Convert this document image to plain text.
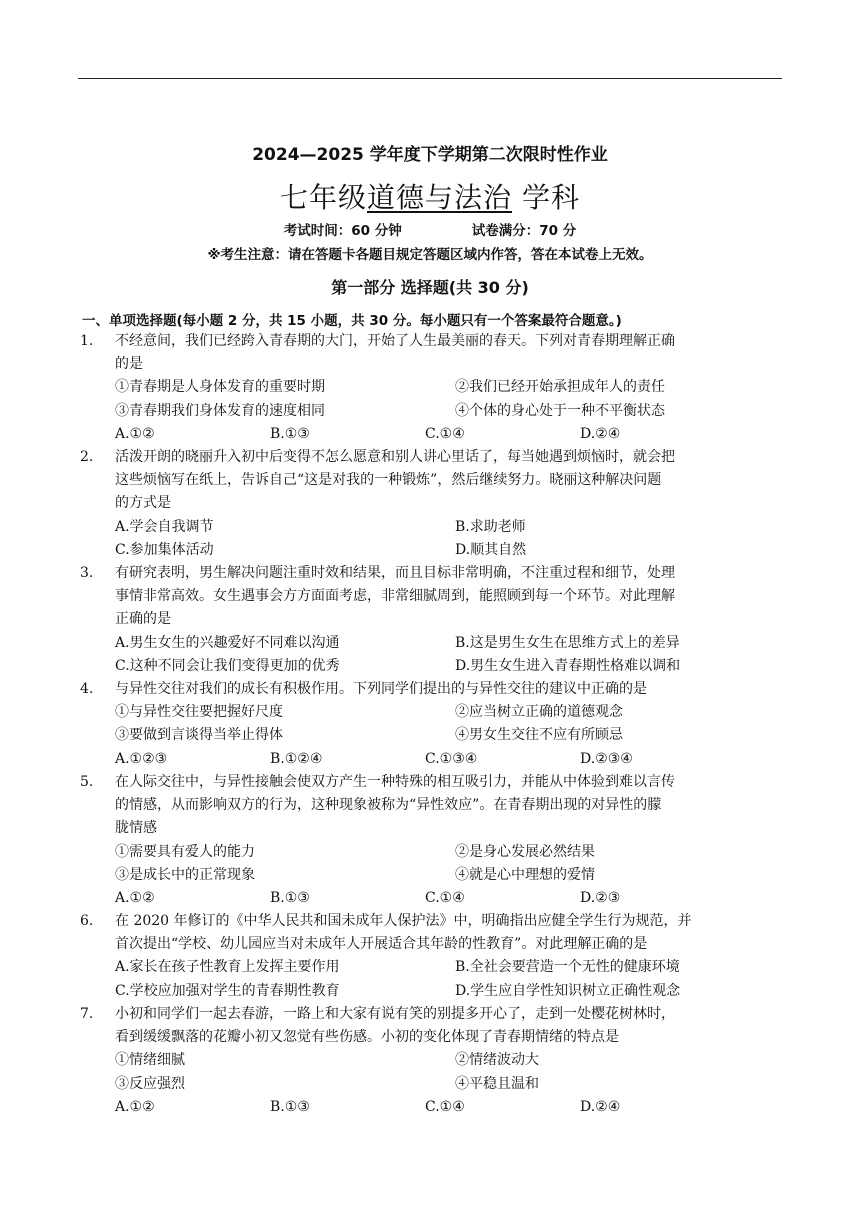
2024—2025 学年度下学期第二次限时性作业
七年级道德与法治 学科
考试时间：60 分钟	试卷满分：70 分
※考生注意：请在答题卡各题目规定答题区域内作答，答在本试卷上无效。
第一部分 选择题(共 30 分)
一、单项选择题(每小题 2 分，共 15 小题，共 30 分。每小题只有一个答案最符合题意。)
1.	不经意间，我们已经跨入青春期的大门，开始了人生最美丽的春天。下列对青春期理解正确
的是
①青春期是人身体发育的重要时期	②我们已经开始承担成年人的责任
③青春期我们身体发育的速度相同	④个体的身心处于一种不平衡状态
A.①②	B.①③	C.①④	D.②④
2.	活泼开朗的晓丽升入初中后变得不怎么愿意和别人讲心里话了，每当她遇到烦恼时，就会把
这些烦恼写在纸上，告诉自己“这是对我的一种锻炼”，然后继续努力。晓丽这种解决问题
的方式是
A.学会自我调节	B.求助老师
C.参加集体活动	D.顺其自然
3.	有研究表明，男生解决问题注重时效和结果，而且目标非常明确，不注重过程和细节，处理
事情非常高效。女生遇事会方方面面考虑，非常细腻周到，能照顾到每一个环节。对此理解
正确的是
A.男生女生的兴趣爱好不同难以沟通	B.这是男生女生在思维方式上的差异
C.这种不同会让我们变得更加的优秀	D.男生女生进入青春期性格难以调和
4.	与异性交往对我们的成长有积极作用。下列同学们提出的与异性交往的建议中正确的是
①与异性交往要把握好尺度	②应当树立正确的道德观念
③要做到言谈得当举止得体	④男女生交往不应有所顾忌
A.①②③	B.①②④	C.①③④	D.②③④
5.	在人际交往中，与异性接触会使双方产生一种特殊的相互吸引力，并能从中体验到难以言传
的情感，从而影响双方的行为，这种现象被称为“异性效应”。在青春期出现的对异性的朦
胧情感
①需要具有爱人的能力	②是身心发展必然结果
③是成长中的正常现象	④就是心中理想的爱情
A.①②	B.①③	C.①④	D.②③
6.	在 2020 年修订的《中华人民共和国未成年人保护法》中，明确指出应健全学生行为规范，并
首次提出“学校、幼儿园应当对未成年人开展适合其年龄的性教育”。对此理解正确的是
A.家长在孩子性教育上发挥主要作用	B.全社会要营造一个无性的健康环境
C.学校应加强对学生的青春期性教育	D.学生应自学性知识树立正确性观念
7.	小初和同学们一起去春游，一路上和大家有说有笑的别提多开心了，走到一处樱花树林时，
看到缓缓飘落的花瓣小初又忽觉有些伤感。小初的变化体现了青春期情绪的特点是
①情绪细腻	②情绪波动大
③反应强烈	④平稳且温和
A.①②	B.①③	C.①④	D.②④
